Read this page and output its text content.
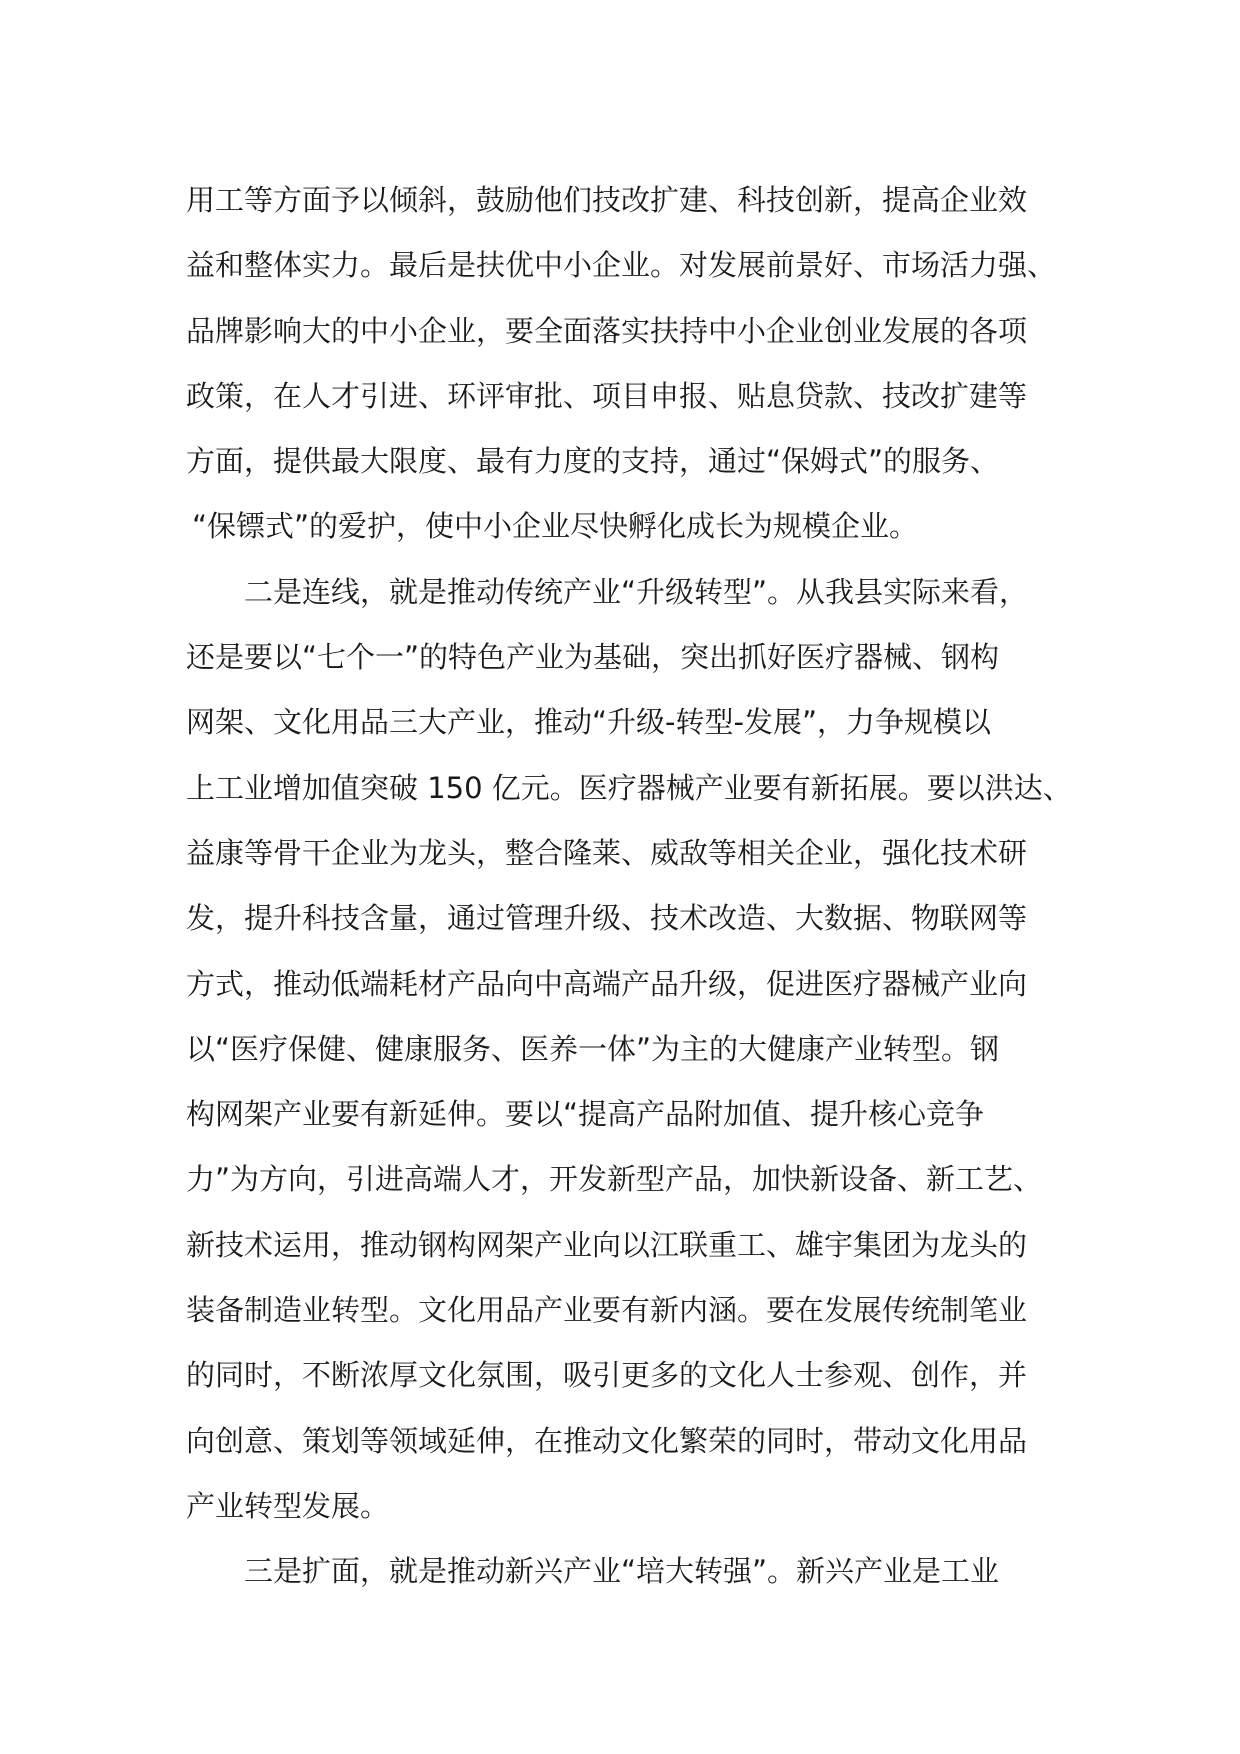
用工等方面予以倾斜，鼓励他们技改扩建、科技创新，提高企业效
益和整体实力。最后是扶优中小企业。对发展前景好、市场活力强、
品牌影响大的中小企业，要全面落实扶持中小企业创业发展的各项
政策，在人才引进、环评审批、项目申报、贴息贷款、技改扩建等
方面，提供最大限度、最有力度的支持，通过“保姆式”的服务、
“保镖式”的爱护，使中小企业尽快孵化成长为规模企业。
二是连线，就是推动传统产业“升级转型”。从我县实际来看，
还是要以“七个一”的特色产业为基础，突出抓好医疗器械、钢构
网架、文化用品三大产业，推动“升级-转型-发展”，力争规模以
上工业增加值突破 150 亿元。医疗器械产业要有新拓展。要以洪达、
益康等骨干企业为龙头，整合隆莱、威敌等相关企业，强化技术研
发，提升科技含量，通过管理升级、技术改造、大数据、物联网等
方式，推动低端耗材产品向中高端产品升级，促进医疗器械产业向
以“医疗保健、健康服务、医养一体”为主的大健康产业转型。钢
构网架产业要有新延伸。要以“提高产品附加值、提升核心竞争
力”为方向，引进高端人才，开发新型产品，加快新设备、新工艺、
新技术运用，推动钢构网架产业向以江联重工、雄宇集团为龙头的
装备制造业转型。文化用品产业要有新内涵。要在发展传统制笔业
的同时，不断浓厚文化氛围，吸引更多的文化人士参观、创作，并
向创意、策划等领域延伸，在推动文化繁荣的同时，带动文化用品
产业转型发展。
三是扩面，就是推动新兴产业“培大转强”。新兴产业是工业
